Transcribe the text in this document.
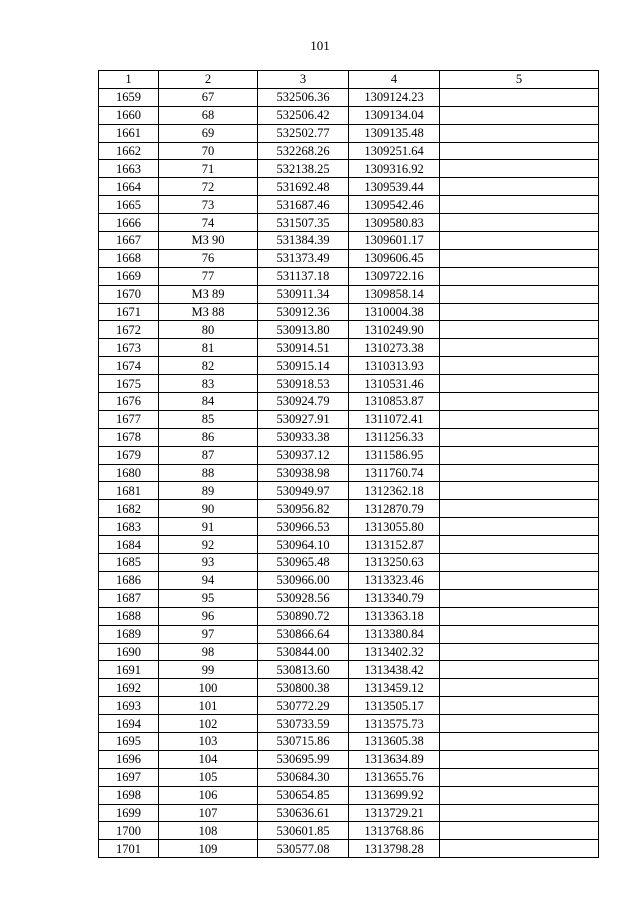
101
1	2	3	4	5
1659	67	532506.36	1309124.23	
1660	68	532506.42	1309134.04	
1661	69	532502.77	1309135.48	
1662	70	532268.26	1309251.64	
1663	71	532138.25	1309316.92	
1664	72	531692.48	1309539.44	
1665	73	531687.46	1309542.46	
1666	74	531507.35	1309580.83	
1667	МЗ 90	531384.39	1309601.17	
1668	76	531373.49	1309606.45	
1669	77	531137.18	1309722.16	
1670	МЗ 89	530911.34	1309858.14	
1671	МЗ 88	530912.36	1310004.38	
1672	80	530913.80	1310249.90	
1673	81	530914.51	1310273.38	
1674	82	530915.14	1310313.93	
1675	83	530918.53	1310531.46	
1676	84	530924.79	1310853.87	
1677	85	530927.91	1311072.41	
1678	86	530933.38	1311256.33	
1679	87	530937.12	1311586.95	
1680	88	530938.98	1311760.74	
1681	89	530949.97	1312362.18	
1682	90	530956.82	1312870.79	
1683	91	530966.53	1313055.80	
1684	92	530964.10	1313152.87	
1685	93	530965.48	1313250.63	
1686	94	530966.00	1313323.46	
1687	95	530928.56	1313340.79	
1688	96	530890.72	1313363.18	
1689	97	530866.64	1313380.84	
1690	98	530844.00	1313402.32	
1691	99	530813.60	1313438.42	
1692	100	530800.38	1313459.12	
1693	101	530772.29	1313505.17	
1694	102	530733.59	1313575.73	
1695	103	530715.86	1313605.38	
1696	104	530695.99	1313634.89	
1697	105	530684.30	1313655.76	
1698	106	530654.85	1313699.92	
1699	107	530636.61	1313729.21	
1700	108	530601.85	1313768.86	
1701	109	530577.08	1313798.28	
